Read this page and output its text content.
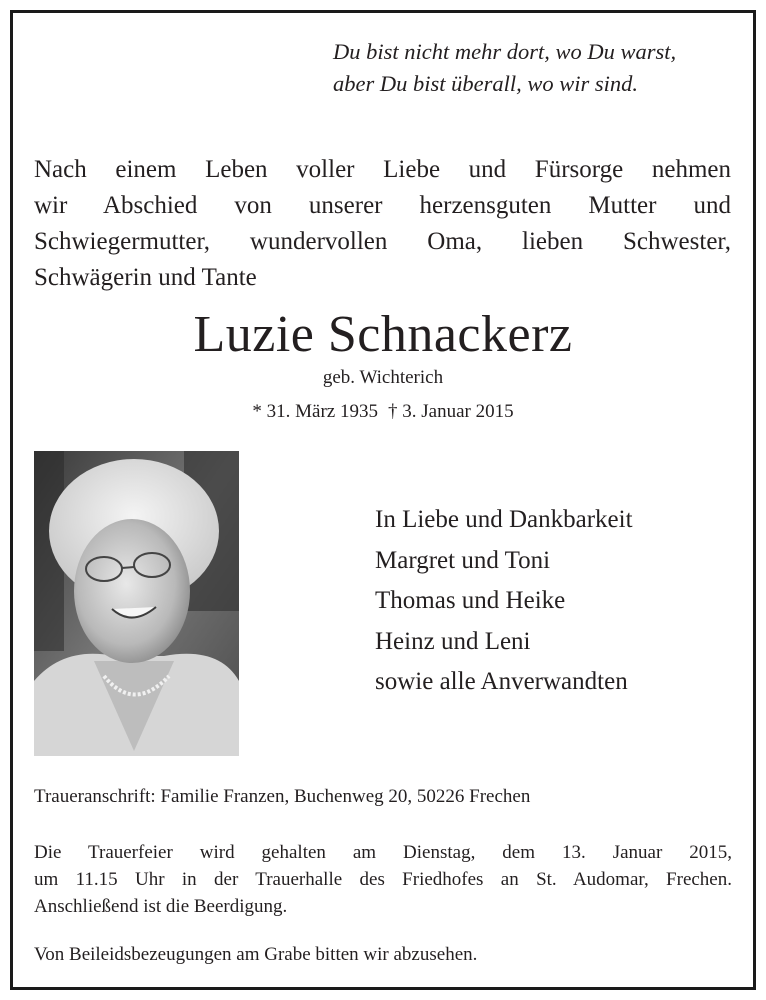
Du bist nicht mehr dort, wo Du warst,
aber Du bist überall, wo wir sind.
Nach einem Leben voller Liebe und Fürsorge nehmen
wir Abschied von unserer herzensguten Mutter und
Schwiegermutter, wundervollen Oma, lieben Schwester,
Schwägerin und Tante
Luzie Schnackerz
geb. Wichterich
* 31. März 1935 † 3. Januar 2015
In Liebe und Dankbarkeit
Margret und Toni
Thomas und Heike
Heinz und Leni
sowie alle Anverwandten
Traueranschrift: Familie Franzen, Buchenweg 20, 50226 Frechen
Die Trauerfeier wird gehalten am Dienstag, dem 13. Januar 2015,
um 11.15 Uhr in der Trauerhalle des Friedhofes an St. Audomar, Frechen.
Anschließend ist die Beerdigung.
Von Beileidsbezeugungen am Grabe bitten wir abzusehen.
